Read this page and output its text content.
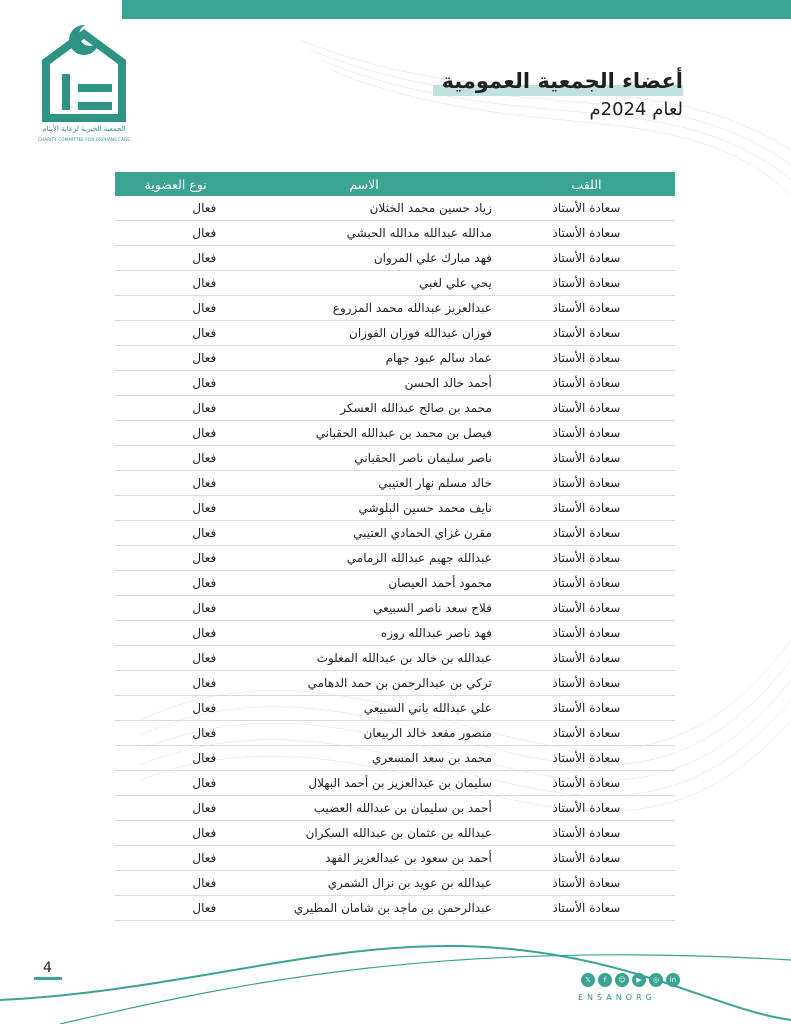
الجمعية الخيرية لرعاية الأيتام
CHARITY COMMITTEE FOR ORPHANS CARE
أعضاء الجمعية العمومية
لعام 2024م
اللقب	الاسم	نوع العضوية
سعادة الأستاذ	زياد حسين محمد الخثلان	فعال
سعادة الأستاذ	مدالله عبدالله مدالله الحبشي	فعال
سعادة الأستاذ	فهد مبارك علي المروان	فعال
سعادة الأستاذ	يحي علي لغبي	فعال
سعادة الأستاذ	عبدالعزيز عبدالله محمد المزروع	فعال
سعادة الأستاذ	فوزان عبدالله فوزان الفوزان	فعال
سعادة الأستاذ	عماد سالم عبود جهام	فعال
سعادة الأستاذ	أحمد خالد الحسن	فعال
سعادة الأستاذ	محمد بن صالح عبدالله العسكر	فعال
سعادة الأستاذ	فيصل بن محمد بن عبدالله الحقباني	فعال
سعادة الأستاذ	ناصر سليمان ناصر الحقباني	فعال
سعادة الأستاذ	خالد مسلم نهار العتيبي	فعال
سعادة الأستاذ	نايف محمد حسين البلوشي	فعال
سعادة الأستاذ	مقرن غزاي الحمادي العتيبي	فعال
سعادة الأستاذ	عبدالله جهيم عبدالله الزمامي	فعال
سعادة الأستاذ	محمود أحمد العيصان	فعال
سعادة الأستاذ	فلاح سعد ناصر السبيعي	فعال
سعادة الأستاذ	فهد ناصر عبدالله روزه	فعال
سعادة الأستاذ	عبدالله بن خالد بن عبدالله المغلوث	فعال
سعادة الأستاذ	تركي بن عبدالرحمن بن حمد الدهامي	فعال
سعادة الأستاذ	علي عبدالله باني السبيعي	فعال
سعادة الأستاذ	منصور مفعد خالد الربيعان	فعال
سعادة الأستاذ	محمد بن سعد المسعري	فعال
سعادة الأستاذ	سليمان بن عبدالعزيز بن أحمد البهلال	فعال
سعادة الأستاذ	أحمد بن سليمان بن عبدالله العضيب	فعال
سعادة الأستاذ	عبدالله بن عثمان بن عبدالله السكران	فعال
سعادة الأستاذ	أحمد بن سعود بن عبدالعزيز الفهد	فعال
سعادة الأستاذ	عبدالله بن عويد بن نزال الشمري	فعال
سعادة الأستاذ	عبدالرحمن بن ماجد بن شامان المطيري	فعال
4
𝕏	f	☺	▶	◎	in
ENSANORG
